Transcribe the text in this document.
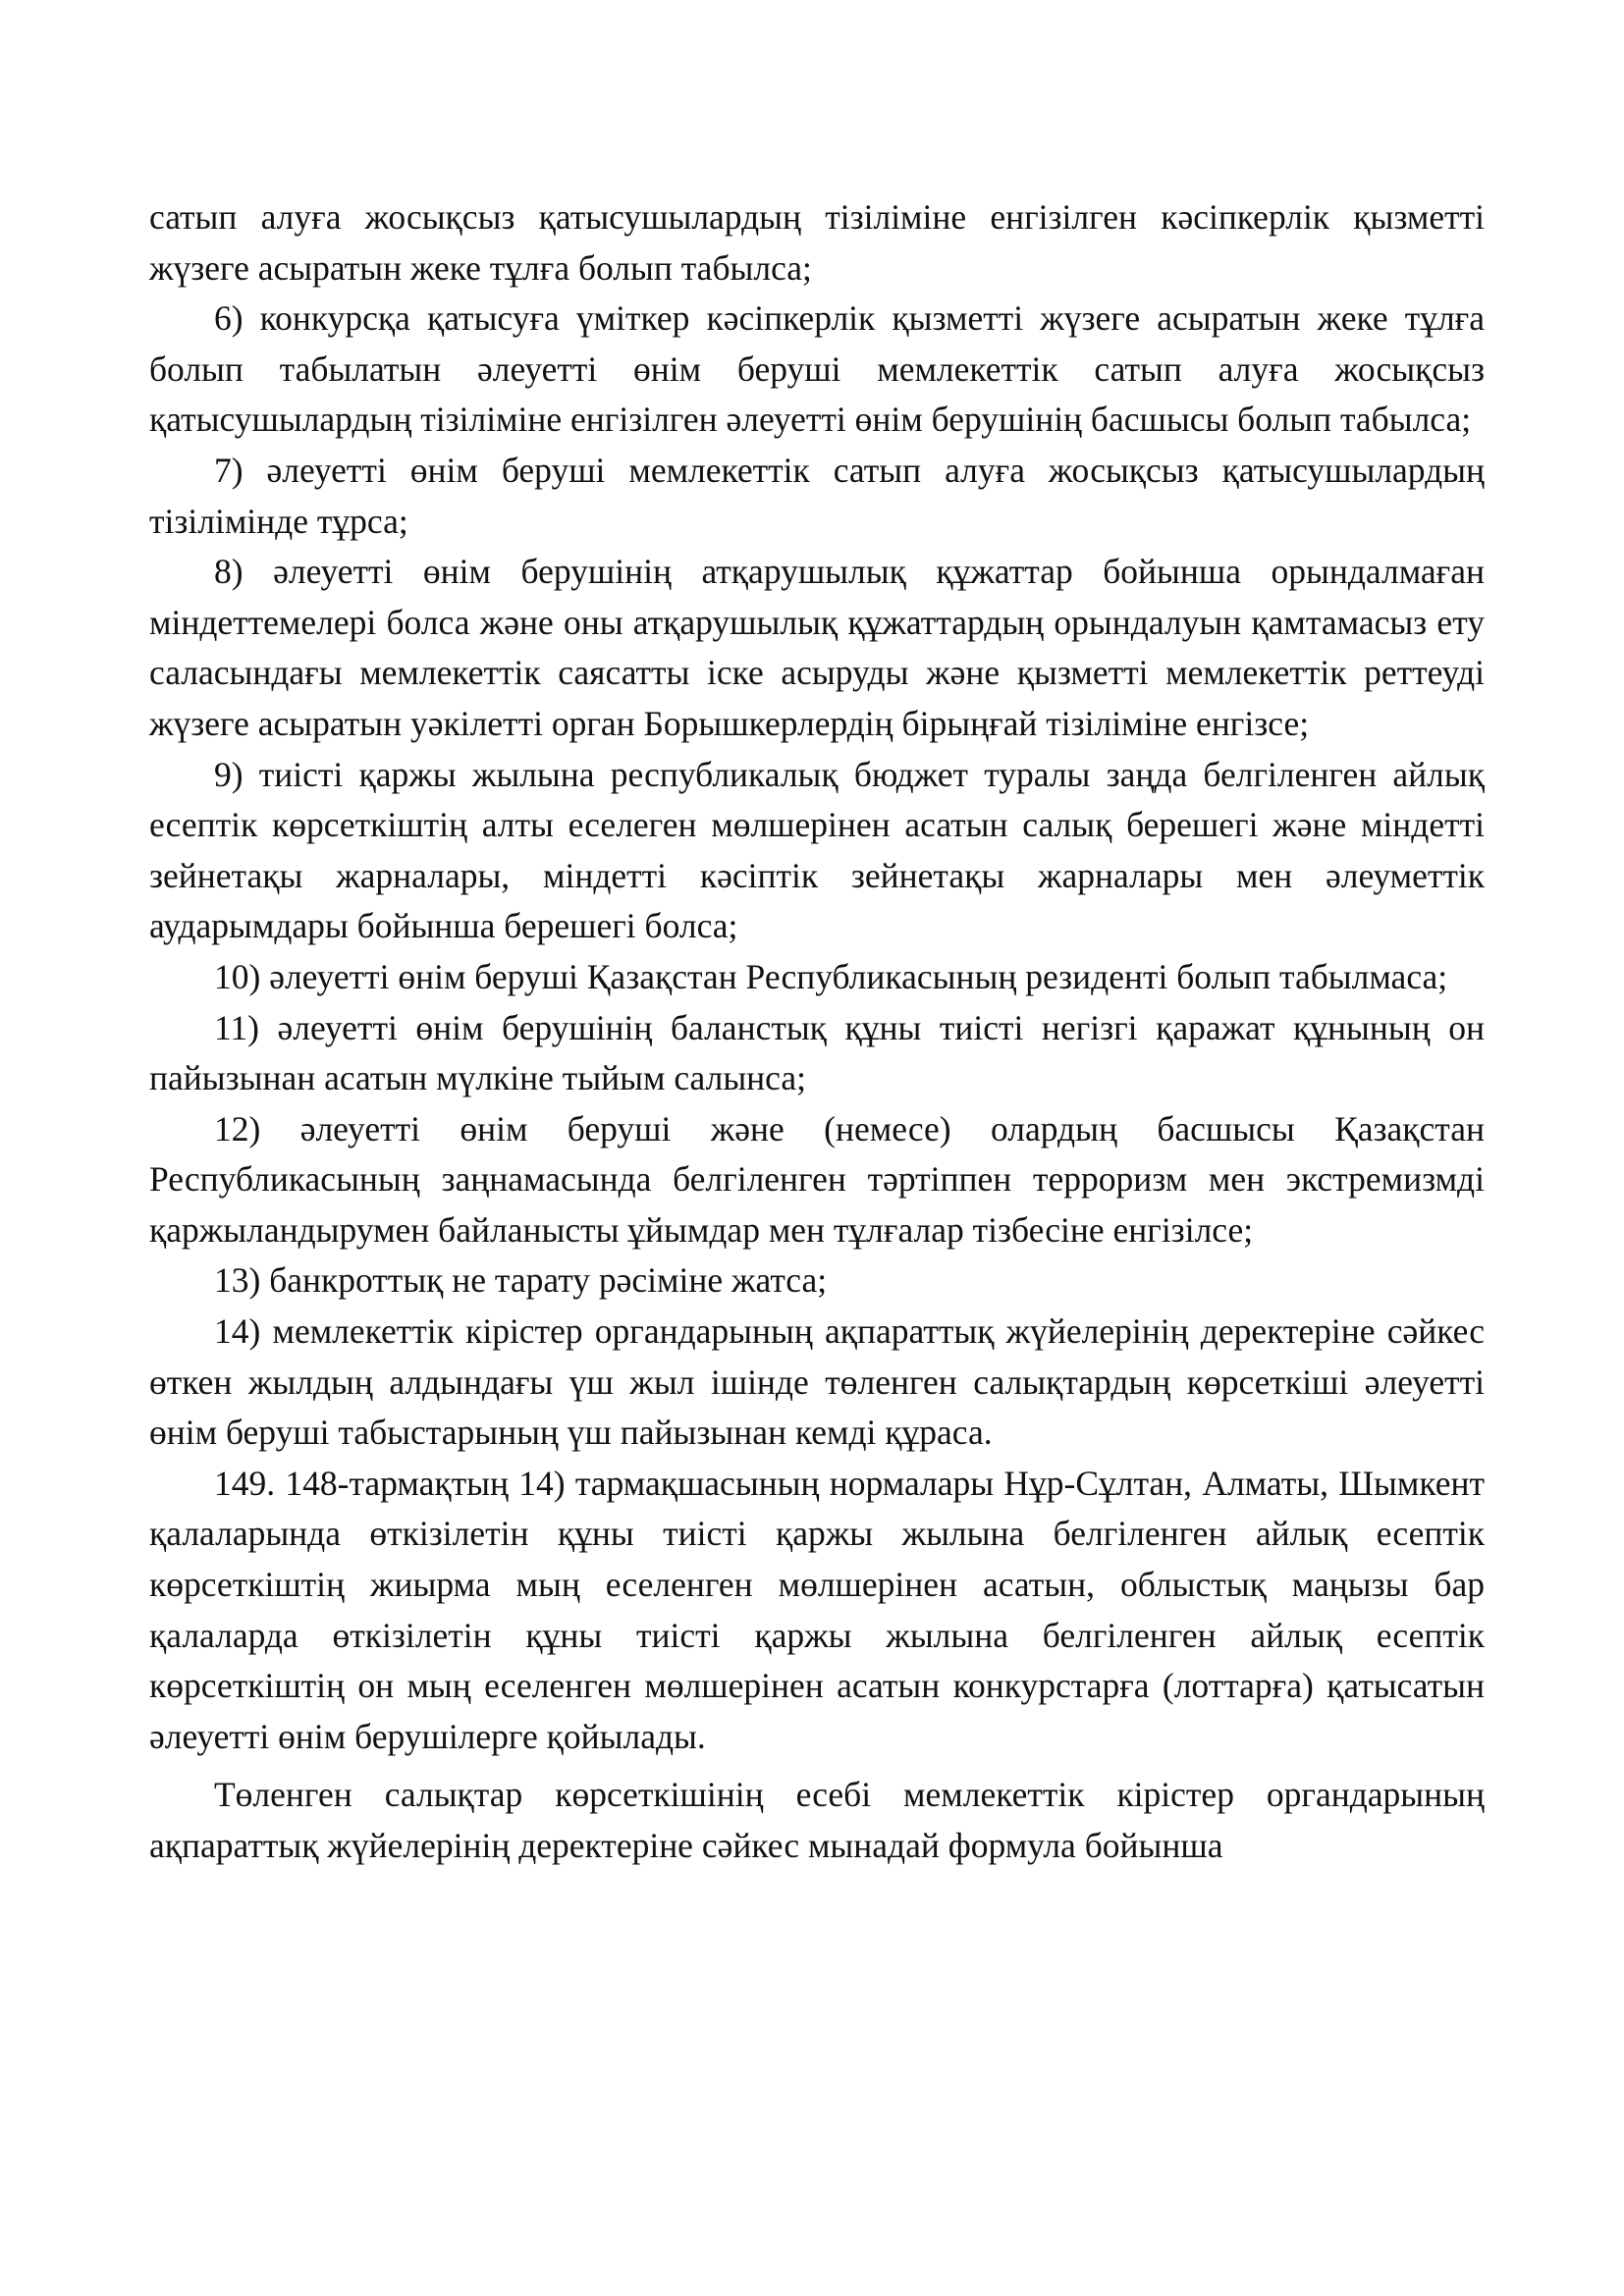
сатып алуға жосықсыз қатысушылардың тізіліміне енгізілген кәсіпкерлік қызметті жүзеге асыратын жеке тұлға болып табылса;

6) конкурсқа қатысуға үміткер кәсіпкерлік қызметті жүзеге асыратын жеке тұлға болып табылатын әлеуетті өнім беруші мемлекеттік сатып алуға жосықсыз қатысушылардың тізіліміне енгізілген әлеуетті өнім берушінің басшысы болып табылса;

7) әлеуетті өнім беруші мемлекеттік сатып алуға жосықсыз қатысушылардың тізілімінде тұрса;

8) әлеуетті өнім берушінің атқарушылық құжаттар бойынша орындалмаған міндеттемелері болса және оны атқарушылық құжаттардың орындалуын қамтамасыз ету саласындағы мемлекеттік саясатты іске асыруды және қызметті мемлекеттік реттеуді жүзеге асыратын уәкілетті орган Борышкерлердің бірыңғай тізіліміне енгізсе;

9) тиісті қаржы жылына республикалық бюджет туралы заңда белгіленген айлық есептік көрсеткіштің алты еселеген мөлшерінен асатын салық берешегі және міндетті зейнетақы жарналары, міндетті кәсіптік зейнетақы жарналары мен әлеуметтік аударымдары бойынша берешегі болса;

10) әлеуетті өнім беруші Қазақстан Республикасының резиденті болып табылмаса;

11) әлеуетті өнім берушінің баланстық құны тиісті негізгі қаражат құнының он пайызынан асатын мүлкіне тыйым салынса;

12) әлеуетті өнім беруші және (немесе) олардың басшысы Қазақстан Республикасының заңнамасында белгіленген тәртіппен терроризм мен экстремизмді қаржыландырумен байланысты ұйымдар мен тұлғалар тізбесіне енгізілсе;

13) банкроттық не тарату рәсіміне жатса;

14) мемлекеттік кірістер органдарының ақпараттық жүйелерінің деректеріне сәйкес өткен жылдың алдындағы үш жыл ішінде төленген салықтардың көрсеткіші әлеуетті өнім беруші табыстарының үш пайызынан кемді құраса.

149. 148-тармақтың 14) тармақшасының нормалары Нұр-Сұлтан, Алматы, Шымкент қалаларында өткізілетін құны тиісті қаржы жылына белгіленген айлық есептік көрсеткіштің жиырма мың еселенген мөлшерінен асатын, облыстық маңызы бар қалаларда өткізілетін құны тиісті қаржы жылына белгіленген айлық есептік көрсеткіштің он мың еселенген мөлшерінен асатын конкурстарға (лоттарға) қатысатын әлеуетті өнім берушілерге қойылады.

Төленген салықтар көрсеткішінің есебі мемлекеттік кірістер органдарының ақпараттық жүйелерінің деректеріне сәйкес мынадай формула бойынша
